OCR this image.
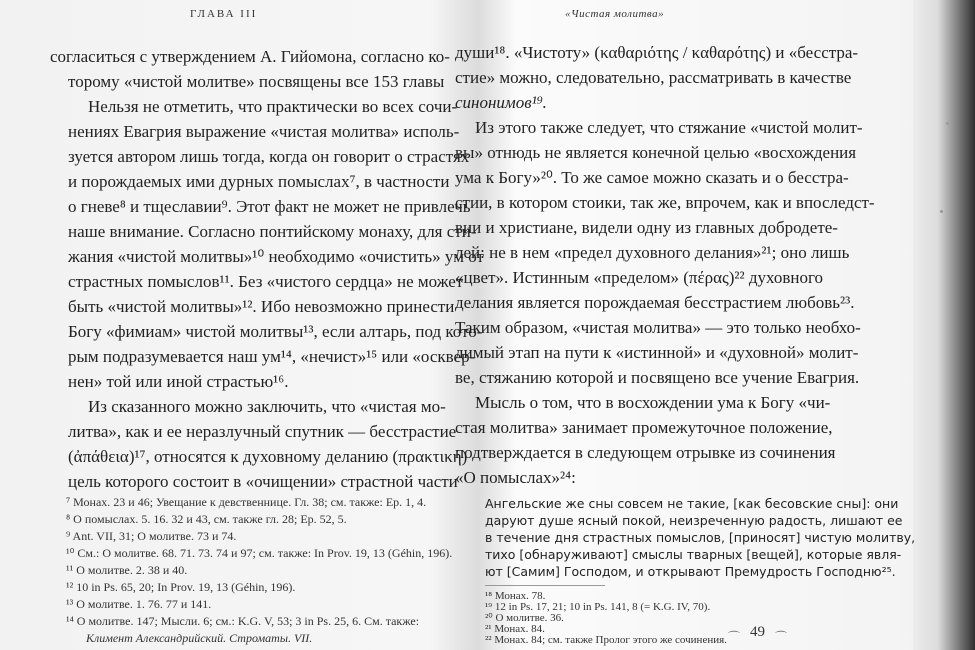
ГЛАВА III
согласиться с утверждением А. Гийомона, согласно ко-
торому «чистой молитве» посвящены все 153 главы
Нельзя не отметить, что практически во всех сочи-
нениях Евагрия выражение «чистая молитва» исполь-
зуется автором лишь тогда, когда он говорит о страстях
и порождаемых ими дурных помыслах⁷, в частности
о гневе⁸ и тщеславии⁹. Этот факт не может не привлечь
наше внимание. Согласно понтийскому монаху, для сти-
жания «чистой молитвы»¹⁰ необходимо «очистить» ум от
страстных помыслов¹¹. Без «чистого сердца» не может
быть «чистой молитвы»¹². Ибо невозможно принести
Богу «фимиам» чистой молитвы¹³, если алтарь, под кото-
рым подразумевается наш ум¹⁴, «нечист»¹⁵ или «осквер-
нен» той или иной страстью¹⁶.
Из сказанного можно заключить, что «чистая мо-
литва», как и ее неразлучный спутник — бесстрастие
(ἀπάθεια)¹⁷, относятся к духовному деланию (πρακτική)
цель которого состоит в «очищении» страстной части
⁷ Монах. 23 и 46; Увещание к девственнице. Гл. 38; см. также: Ep. 1, 4.
⁸ О помыслах. 5. 16. 32 и 43, см. также гл. 28; Ep. 52, 5.
⁹ Ant. VII, 31; О молитве. 73 и 74.
¹⁰ См.: О молитве. 68. 71. 73. 74 и 97; см. также: In Prov. 19, 13 (Géhin, 196).
¹¹ О молитве. 2. 38 и 40.
¹² 10 in Ps. 65, 20; In Prov. 19, 13 (Géhin, 196).
¹³ О молитве. 1. 76. 77 и 141.
¹⁴ О молитве. 147; Мысли. 6; см.: K.G. V, 53; 3 in Ps. 25, 6. См. также:
Климент Александрийский. Строматы. VII.
«Чистая молитва»
души¹⁸. «Чистоту» (καθαριότης / καθαρότης) и «бесстра-
стие» можно, следовательно, рассматривать в качестве
синонимов¹⁹.
Из этого также следует, что стяжание «чистой молит-
вы» отнюдь не является конечной целью «восхождения
ума к Богу»²⁰. То же самое можно сказать и о бесстра-
стии, в котором стоики, так же, впрочем, как и впоследст-
вии и христиане, видели одну из главных добродете-
лей: не в нем «предел духовного делания»²¹; оно лишь
«цвет». Истинным «пределом» (πέρας)²² духовного
делания является порождаемая бесстрастием любовь²³.
Таким образом, «чистая молитва» — это только необхо-
димый этап на пути к «истинной» и «духовной» молит-
ве, стяжанию которой и посвящено все учение Евагрия.
Мысль о том, что в восхождении ума к Богу «чи-
стая молитва» занимает промежуточное положение,
подтверждается в следующем отрывке из сочинения
«О помыслах»²⁴:
Ангельские же сны совсем не такие, [как бесовские сны]: они
даруют душе ясный покой, неизреченную радость, лишают ее
в течение дня страстных помыслов, [приносят] чистую молитву,
тихо [обнаруживают] смыслы тварных [вещей], которые явля-
ют [Самим] Господом, и открывают Премудрость Господню²⁵.
¹⁸ Монах. 78.
¹⁹ 12 in Ps. 17, 21; 10 in Ps. 141, 8 (= K.G. IV, 70).
²⁰ О молитве. 36.
²¹ Монах. 84.
²² Монах. 84; см. также Пролог этого же сочинения. ⌒ 49 ⌒
